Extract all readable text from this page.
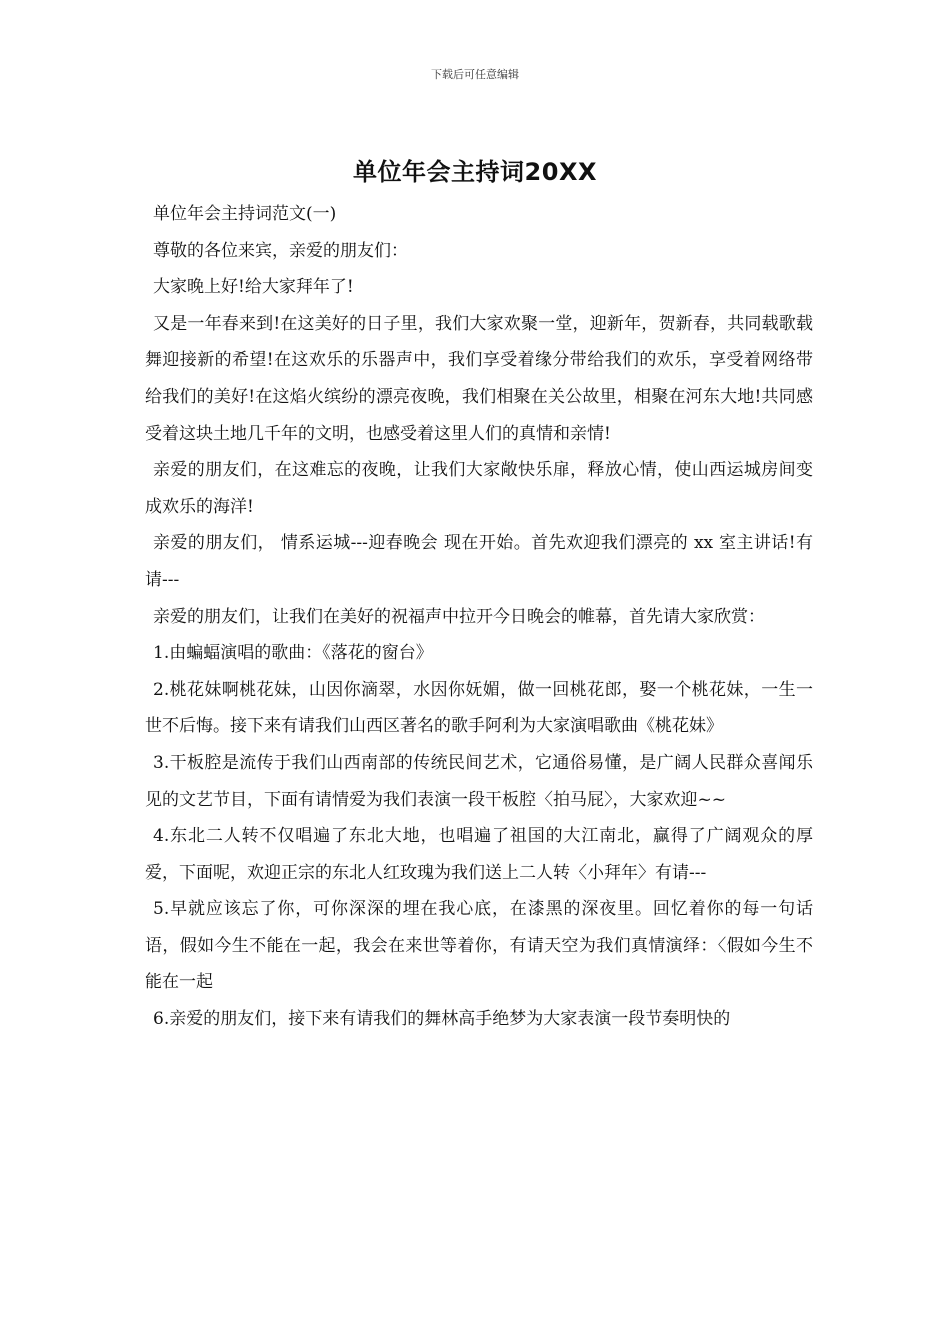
下载后可任意编辑
单位年会主持词20XX

单位年会主持词范文(一)

尊敬的各位来宾，亲爱的朋友们：

大家晚上好!给大家拜年了!

又是一年春来到!在这美好的日子里，我们大家欢聚一堂，迎新年，贺新春，共同载歌载舞迎接新的希望!在这欢乐的乐器声中，我们享受着缘分带给我们的欢乐，享受着网络带给我们的美好!在这焰火缤纷的漂亮夜晚，我们相聚在关公故里，相聚在河东大地!共同感受着这块土地几千年的文明，也感受着这里人们的真情和亲情!

亲爱的朋友们，在这难忘的夜晚，让我们大家敞快乐扉，释放心情，使山西运城房间变成欢乐的海洋!

亲爱的朋友们， 情系运城---迎春晚会 现在开始。首先欢迎我们漂亮的 xx 室主讲话!有请---

亲爱的朋友们，让我们在美好的祝福声中拉开今日晚会的帷幕，首先请大家欣赏：

1.由蝙蝠演唱的歌曲：《落花的窗台》

2.桃花妹啊桃花妹，山因你滴翠，水因你妩媚，做一回桃花郎，娶一个桃花妹，一生一世不后悔。接下来有请我们山西区著名的歌手阿利为大家演唱歌曲《桃花妹》

3.干板腔是流传于我们山西南部的传统民间艺术，它通俗易懂，是广阔人民群众喜闻乐见的文艺节目，下面有请情爱为我们表演一段干板腔〈拍马屁〉，大家欢迎~~

4.东北二人转不仅唱遍了东北大地，也唱遍了祖国的大江南北，赢得了广阔观众的厚爱，下面呢，欢迎正宗的东北人红玫瑰为我们送上二人转〈小拜年〉有请---

5.早就应该忘了你，可你深深的埋在我心底，在漆黑的深夜里。回忆着你的每一句话语，假如今生不能在一起，我会在来世等着你，有请天空为我们真情演绎：〈假如今生不能在一起

6.亲爱的朋友们，接下来有请我们的舞林高手绝梦为大家表演一段节奏明快的
